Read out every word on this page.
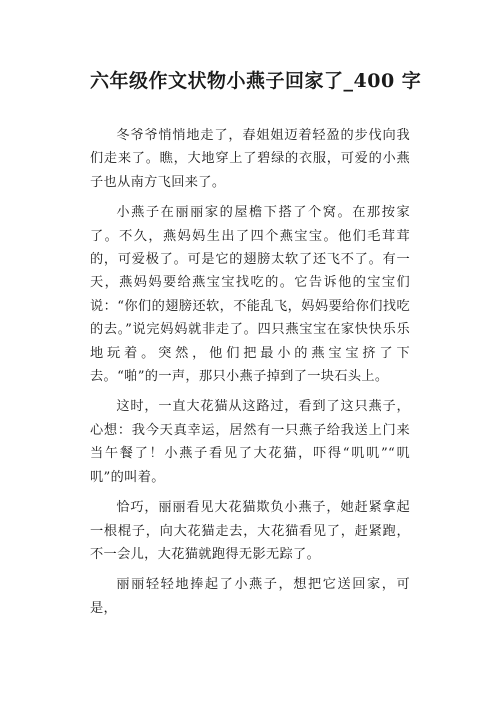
六年级作文状物小燕子回家了_400 字

冬爷爷悄悄地走了，春姐姐迈着轻盈的步伐向我们走来了。瞧，大地穿上了碧绿的衣服，可爱的小燕子也从南方飞回来了。

小燕子在丽丽家的屋檐下搭了个窝。在那按家了。不久，燕妈妈生出了四个燕宝宝。他们毛茸茸的，可爱极了。可是它的翅膀太软了还飞不了。有一天，燕妈妈要给燕宝宝找吃的。它告诉他的宝宝们说：“你们的翅膀还软，不能乱飞，妈妈要给你们找吃的去。”说完妈妈就非走了。四只燕宝宝在家快快乐乐地玩着。突然，他们把最小的燕宝宝挤了下去。“啪”的一声，那只小燕子掉到了一块石头上。

这时，一直大花猫从这路过，看到了这只燕子，心想：我今天真幸运，居然有一只燕子给我送上门来当午餐了！小燕子看见了大花猫，吓得“叽叽”“叽叽”的叫着。

恰巧，丽丽看见大花猫欺负小燕子，她赶紧拿起一根棍子，向大花猫走去，大花猫看见了，赶紧跑，不一会儿，大花猫就跑得无影无踪了。

丽丽轻轻地捧起了小燕子，想把它送回家，可是，
